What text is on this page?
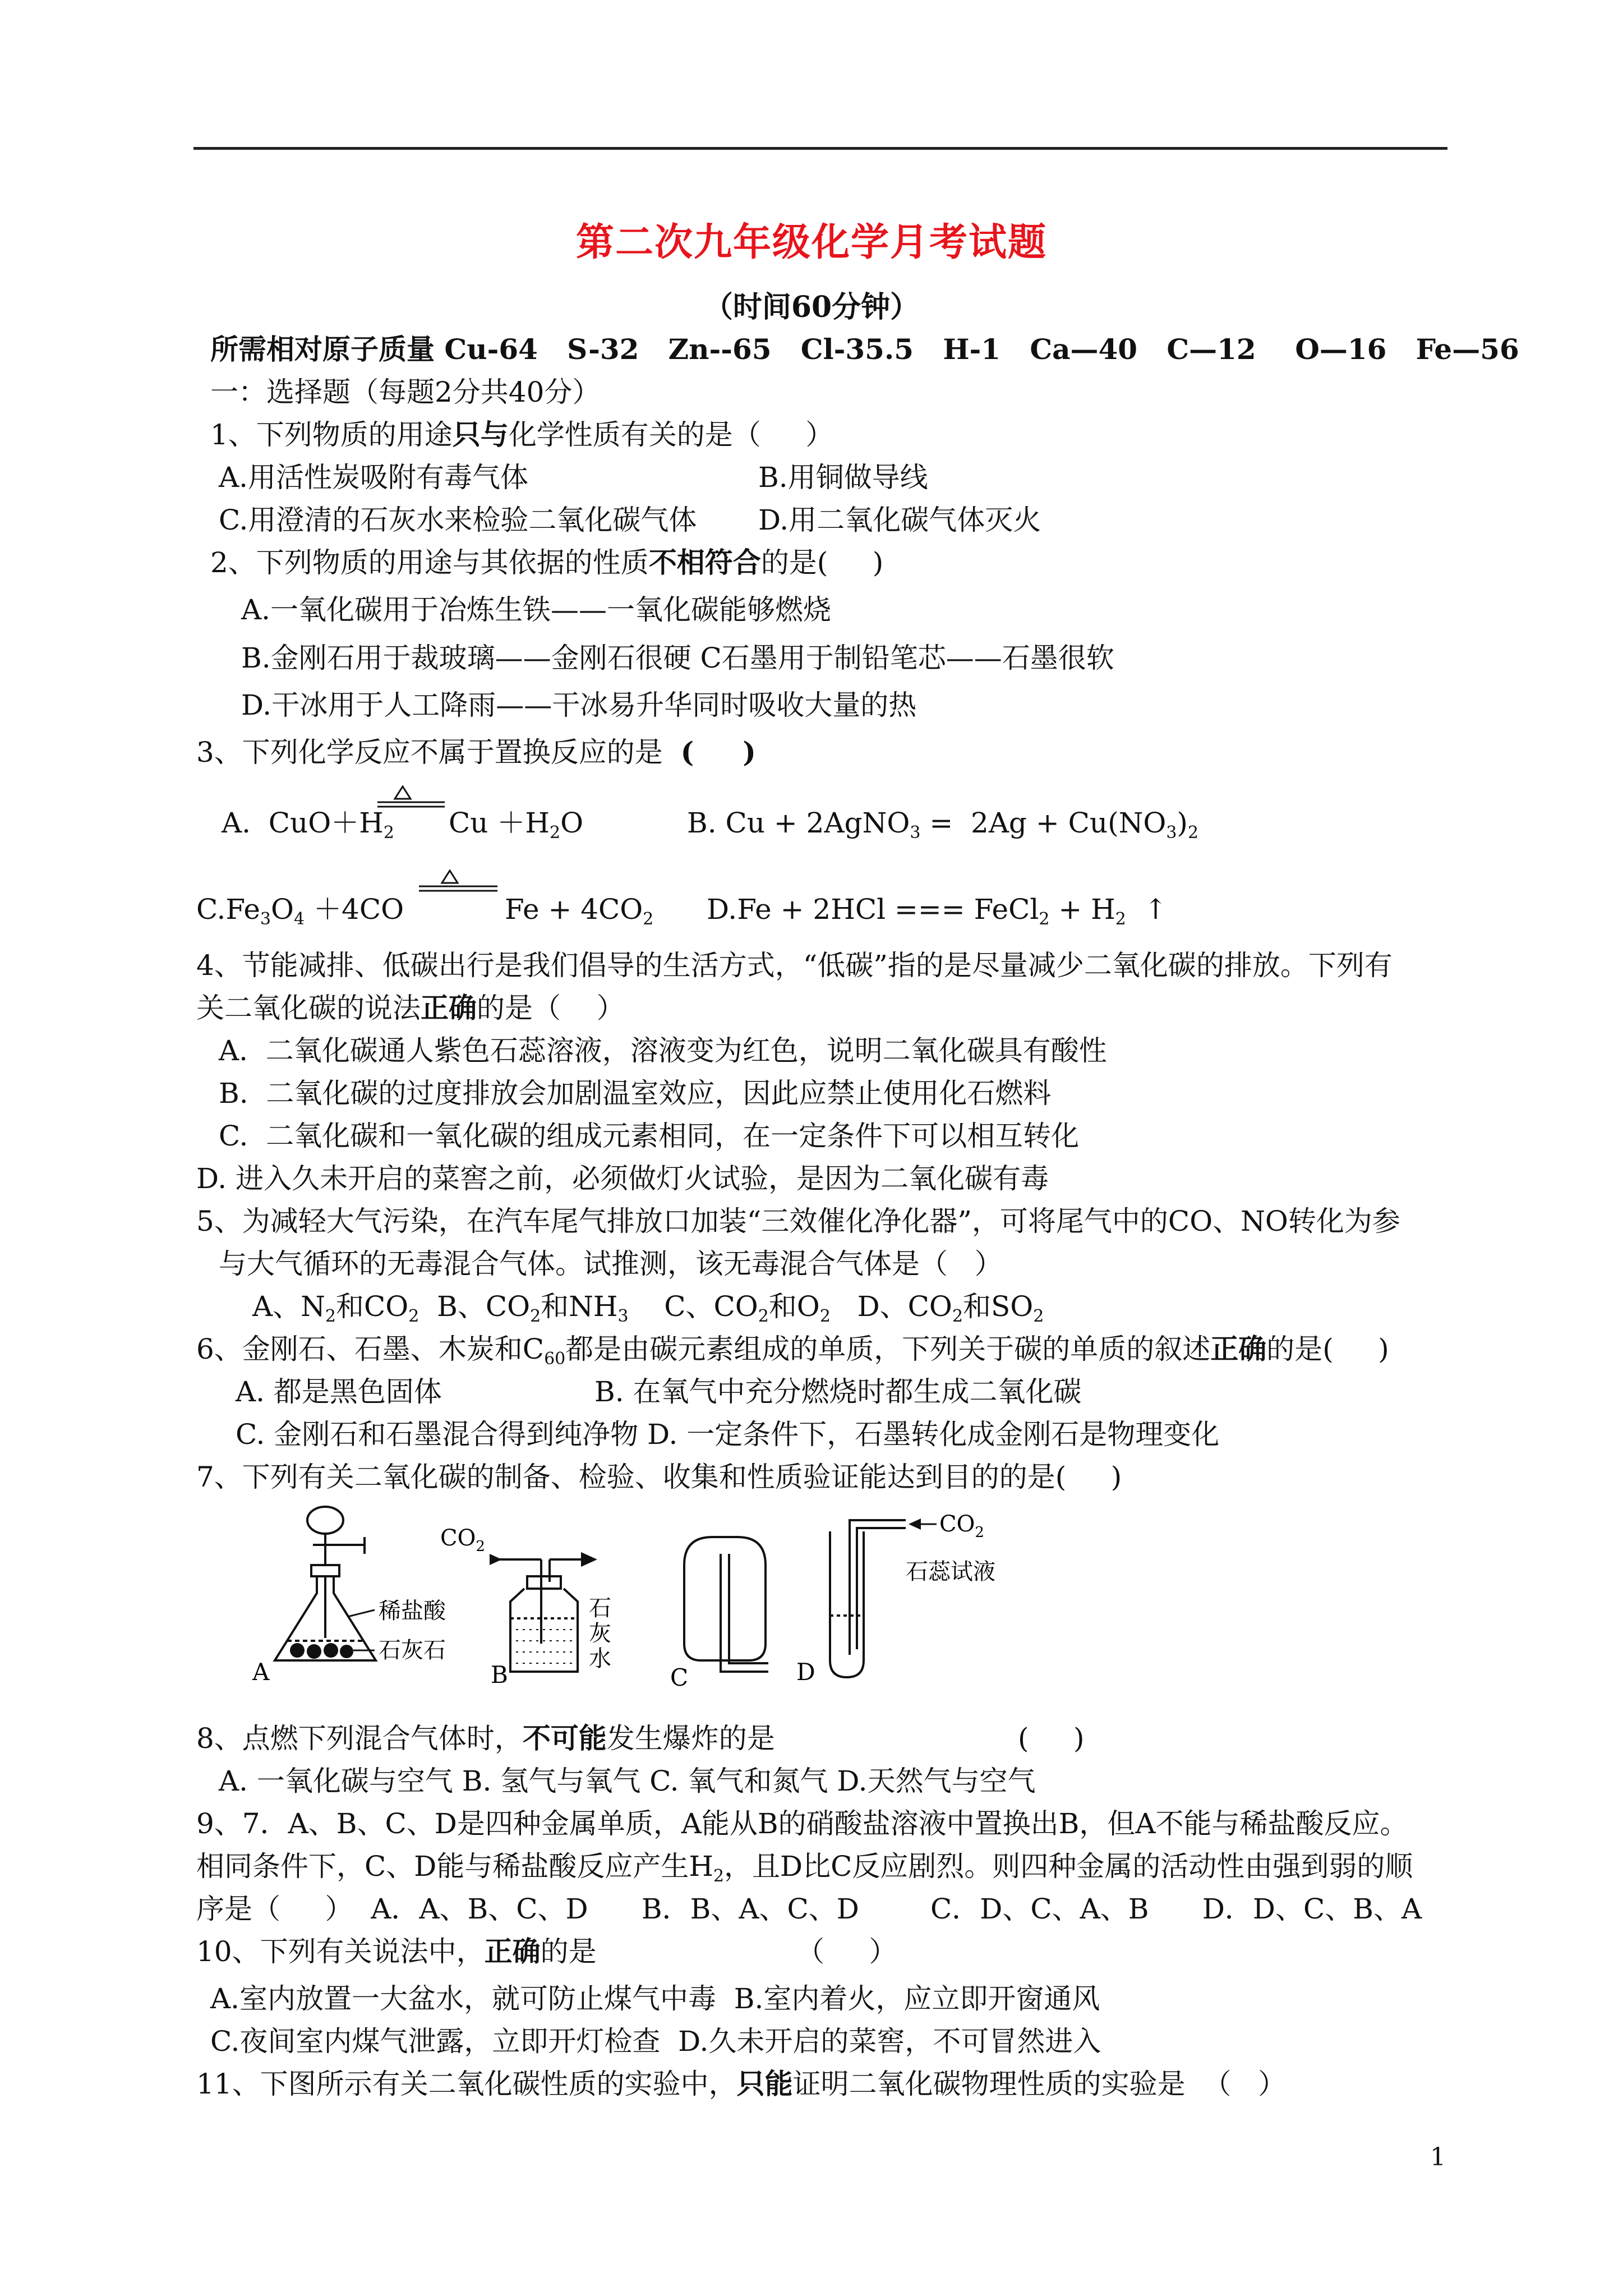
第二次九年级化学月考试题
（时间60分钟）
所需相对原子质量 Cu-64   S-32   Zn--65   Cl-35.5   H-1   Ca—40   C—12    O—16   Fe—56
一：选择题（每题2分共40分）
1、下列物质的用途只与化学性质有关的是（     ）
A.用活性炭吸附有毒气体	B.用铜做导线
C.用澄清的石灰水来检验二氧化碳气体 D.用二氧化碳气体灭火
2、下列物质的用途与其依据的性质不相符合的是(     )
A.一氧化碳用于冶炼生铁——一氧化碳能够燃烧
B.金刚石用于裁玻璃——金刚石很硬 C石墨用于制铅笔芯——石墨很软
D.干冰用于人工降雨——干冰易升华同时吸收大量的热
3、下列化学反应不属于置换反应的是 (     )
A.  $CuO+H_2$ $Cu +H_2O$	B. Cu + 2AgNO$_3$ =  $2Ag + Cu(NO_3)_2$
$C.Fe_3O_4 +4CO$	$Fe + 4CO_2$ D.Fe + 2HCl === FeCl$_2$ + $H_2$  ↑
4、节能减排、低碳出行是我们倡导的生活方式，“低碳”指的是尽量减少二氧化碳的排放。下列有
关二氧化碳的说法正确的是（    ）
A.  二氧化碳通人紫色石蕊溶液，溶液变为红色，说明二氧化碳具有酸性
B.  二氧化碳的过度排放会加剧温室效应，因此应禁止使用化石燃料
C.  二氧化碳和一氧化碳的组成元素相同，在一定条件下可以相互转化
D. 进入久未开启的菜窖之前，必须做灯火试验，是因为二氧化碳有毒
5、为减轻大气污染，在汽车尾气排放口加装“三效催化净化器”，可将尾气中的CO、NO转化为参
与大气循环的无毒混合气体。试推测，该无毒混合气体是（   ）
A、$N_2$和$CO_2$  B、$CO_2$和$NH_3$    C、$CO_2$和$O_2$   D、$CO_2$和$SO_2$
6、金刚石、石墨、木炭和$C_{60}$都是由碳元素组成的单质，下列关于碳的单质的叙述正确的是(     )
A. 都是黑色固体	B. 在氧气中充分燃烧时都生成二氧化碳
C. 金刚石和石墨混合得到纯净物 D. 一定条件下，石墨转化成金刚石是物理变化
7、下列有关二氧化碳的制备、检验、收集和性质验证能达到目的的是(     )
稀盐酸
石灰石
A
$CO_2$
石
灰
水
B	C
$CO_2$
石蕊试液
D
8、点燃下列混合气体时，不可能发生爆炸的是	(     )
A. 一氧化碳与空气 B. 氢气与氧气 C. 氧气和氮气 D.天然气与空气
9、7．A、B、C、D是四种金属单质，A能从B的硝酸盐溶液中置换出B，但A不能与稀盐酸反应。
相同条件下，C、D能与稀盐酸反应产生$H_2$，且D比C反应剧烈。则四种金属的活动性由强到弱的顺
序是（     ）  A．A、B、C、D      B．B、A、C、D        C．D、C、A、B      D．D、C、B、A
10、下列有关说法中，正确的是	（     ）
A.室内放置一大盆水，就可防止煤气中毒  B.室内着火，应立即开窗通风
C.夜间室内煤气泄露，立即开灯检查  D.久未开启的菜窖，不可冒然进入
11、下图所示有关二氧化碳性质的实验中，只能证明二氧化碳物理性质的实验是  （   ）
1
